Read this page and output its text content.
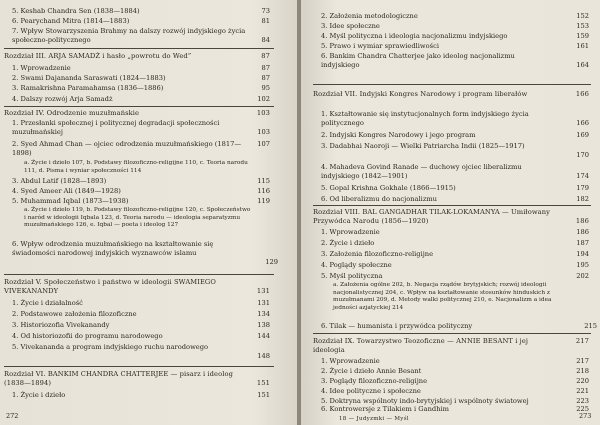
5. Keshab Chandra Sen (1838—1884)	73
6. Pearychand Mitra (1814—1883)	81
7. Wpływ Stowarzyszenia Brahmy na dalszy rozwój indyjskiego życia społeczno-politycznego	84
Rozdział III. ARJA SAMADŻ i hasło „powrotu do Wed”	87
1. Wprowadzenie	87
2. Swami Dajananda Saraswati (1824—1883)	87
3. Ramakrishna Paramahamsa (1836—1886)	95
4. Dalszy rozwój Arja Samadż	102
Rozdział IV. Odrodzenie muzułmańskie	103
1. Przesłanki społecznej i politycznej degradacji społeczności muzułmańskiej	103
2. Syed Ahmad Chan — ojciec odrodzenia muzułmańskiego (1817—1898)
107
a. Życie i dzieło 107, b. Podstawy filozoficzno-religijne 110, c. Teoria narodu 111, d. Pisma i wyniar społeczności 114
3. Abdul Latif (1828—1893)	115
4. Syed Ameer Ali (1849—1928)	116
5. Muhammad Iqbal (1873—1938)	119
a. Życie i dzieło 119, b. Podstawy filozoficzno-religijne 120, c. Społeczeństwo i naród w ideologii Iqbala 123, d. Teoria narodu — ideologia separatyzmu muzułmańskiego 126, e. Iqbal — poeta i ideolog 127
6. Wpływ odrodzenia muzułmańskiego na kształtowanie się świadomości narodowej indyjskich wyznawców islamu
129
Rozdział V. Społeczeństwo i państwo w ideologii SWAMIEGO VIVEKANANDY	131
1. Życie i działalność	131
2. Podstawowe założenia filozoficzne	134
3. Historiozofia Vivekanandy	138
4. Od historiozofii do programu narodowego	144
5. Vivekananda a program indyjskiego ruchu narodowego
148
Rozdział VI. BANKIM CHANDRA CHATTERJEE — pisarz i ideolog (1838—1894)	151
1. Życie i dzieło	151
272
2. Założenia metodologiczne	152
3. Idee społeczne	153
4. Myśl polityczna i ideologia nacjonalizmu indyjskiego	159
5. Prawo i wymiar sprawiedliwości	161
6. Bankim Chandra Chatterjee jako ideolog nacjonalizmu indyjskiego	164
Rozdział VII. Indyjski Kongres Narodowy i program liberałów	166
1. Kształtowanie się instytucjonalnych form indyjskiego życia politycznego	166
2. Indyjski Kongres Narodowy i jego program	169
3. Dadabhai Naoroji — Wielki Patriarcha Indii (1825—1917)
170
4. Mahadeva Govind Ranade — duchowy ojciec liberalizmu indyjskiego (1842—1901)	174
5. Gopal Krishna Gokhale (1866—1915)	179
6. Od liberalizmu do nacjonalizmu	182
Rozdział VIII. BAL GANGADHAR TILAK-LOKAMANYA — Umiłowany Przywódca Narodu (1856—1920)	186
1. Wprowadzenie	186
2. Życie i dzieło	187
3. Założenia filozoficzno-religijne	194
4. Poglądy społeczne	195
5. Myśl polityczna	202
a. Założenia ogólne 202, b. Negacja rządów brytyjskich; rozwój ideologii nacjonalistycznej 204, c. Wpływ na kształtowanie stosunków hinduskich z muzułmanami 209, d. Metody walki politycznej 210, e. Nacjonalizm a idea jedności azjatyckiej 214
6. Tilak — humanista i przywódca polityczny	215
Rozdział IX. Towarzystwo Teozoficzne — ANNIE BESANT i jej ideologia
217
1. Wprowadzenie	217
2. Życie i dzieło Annie Besant	218
3. Poglądy filozoficzno-religijne	220
4. Idee polityczne i społeczne	221
5. Doktryna wspólnoty indo-brytyjskiej i wspólnoty światowej	223
6. Kontrowersje z Tilakiem i Gandhim	225
18 — Judyzmki — Myśl	273
